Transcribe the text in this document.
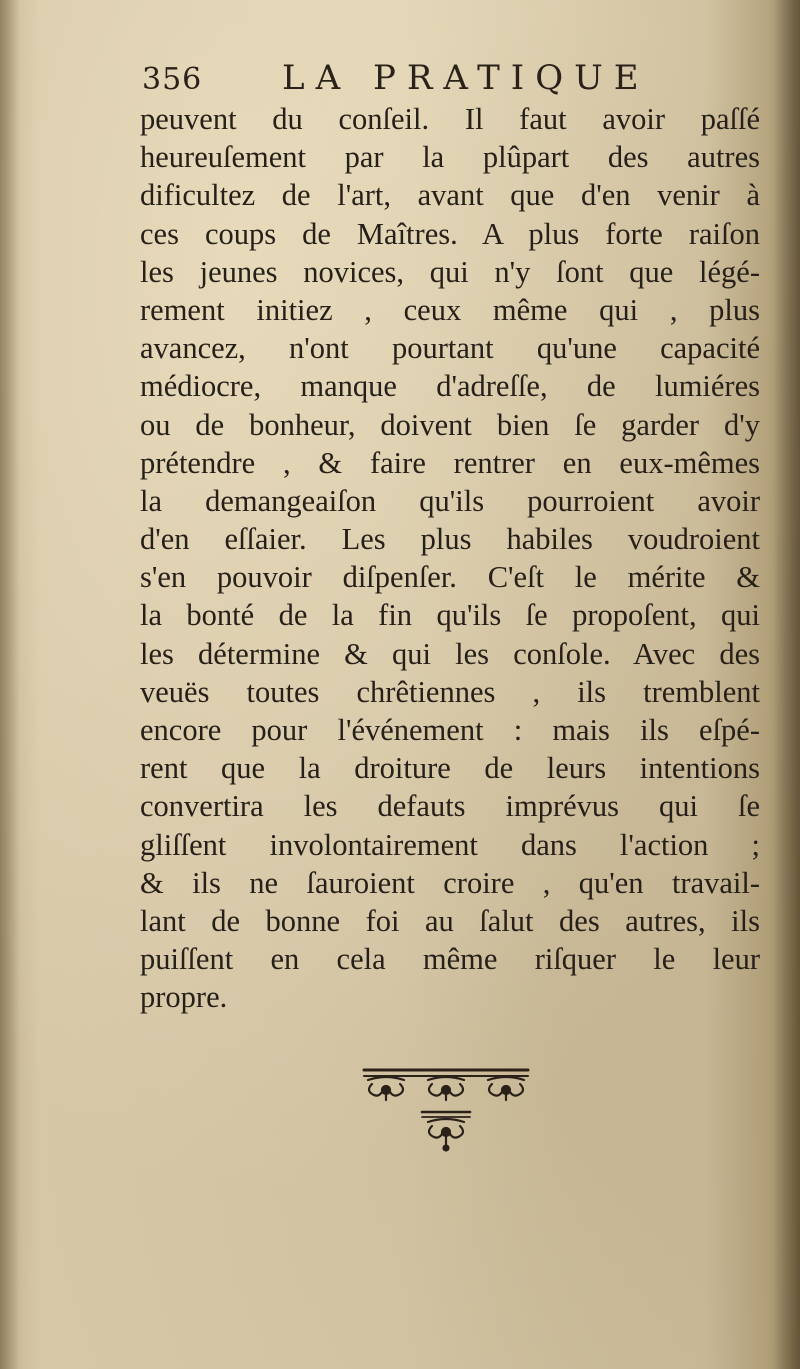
356 LA PRATIQUE
peuvent du conſeil. Il faut avoir paſſé
heureuſement par la plûpart des autres
dificultez de l'art, avant que d'en venir à
ces coups de Maîtres. A plus forte raiſon
les jeunes novices, qui n'y ſont que légé-
rement initiez , ceux même qui , plus
avancez, n'ont pourtant qu'une capacité
médiocre, manque d'adreſſe, de lumiéres
ou de bonheur, doivent bien ſe garder d'y
prétendre , & faire rentrer en eux-mêmes
la demangeaiſon qu'ils pourroient avoir
d'en eſſaier. Les plus habiles voudroient
s'en pouvoir diſpenſer. C'eſt le mérite &
la bonté de la fin qu'ils ſe propoſent, qui
les détermine & qui les conſole. Avec des
veuës toutes chrêtiennes , ils tremblent
encore pour l'événement : mais ils eſpé-
rent que la droiture de leurs intentions
convertira les defauts imprévus qui ſe
gliſſent involontairement dans l'action ;
& ils ne ſauroient croire , qu'en travail-
lant de bonne foi au ſalut des autres, ils
puiſſent en cela même riſquer le leur
propre.
